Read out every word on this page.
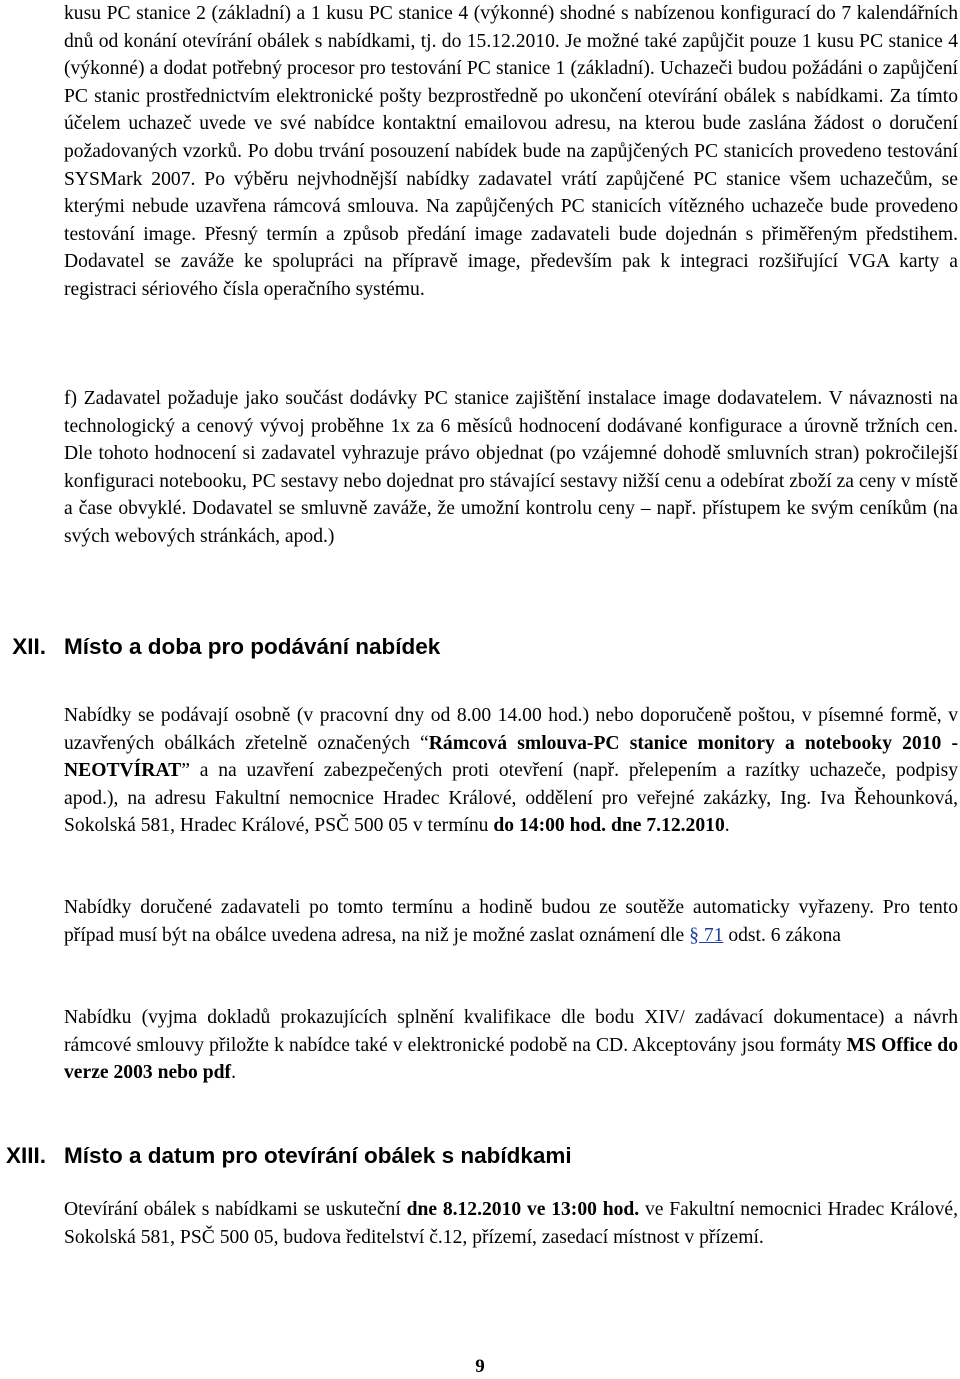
kusu PC stanice 2 (základní) a 1 kusu PC stanice 4 (výkonné) shodné s nabízenou konfigurací do 7 kalendářních dnů od konání otevírání obálek s nabídkami, tj. do 15.12.2010. Je možné také zapůjčit pouze 1 kusu PC stanice 4 (výkonné) a dodat potřebný procesor pro testování PC stanice 1 (základní). Uchazeči budou požádáni o zapůjčení PC stanic prostřednictvím elektronické pošty bezprostředně po ukončení otevírání obálek s nabídkami. Za tímto účelem uchazeč uvede ve své nabídce kontaktní emailovou adresu, na kterou bude zaslána žádost o doručení požadovaných vzorků. Po dobu trvání posouzení nabídek bude na zapůjčených PC stanicích provedeno testování SYSMark 2007. Po výběru nejvhodnější nabídky zadavatel vrátí zapůjčené PC stanice všem uchazečům, se kterými nebude uzavřena rámcová smlouva. Na zapůjčených PC stanicích vítězného uchazeče bude provedeno testování image. Přesný termín a způsob předání image zadavateli bude dojednán s přiměřeným předstihem. Dodavatel se zaváže ke spolupráci na přípravě image, především pak k integraci rozšiřující VGA karty a registraci sériového čísla operačního systému.

f) Zadavatel požaduje jako součást dodávky PC stanice zajištění instalace image dodavatelem. V návaznosti na technologický a cenový vývoj proběhne 1x za 6 měsíců hodnocení dodávané konfigurace a úrovně tržních cen. Dle tohoto hodnocení si zadavatel vyhrazuje právo objednat (po vzájemné dohodě smluvních stran) pokročilejší konfiguraci notebooku, PC sestavy nebo dojednat pro stávající sestavy nižší cenu a odebírat zboží za ceny v místě a čase obvyklé. Dodavatel se smluvně zaváže, že umožní kontrolu ceny – např. přístupem ke svým ceníkům (na svých webových stránkách, apod.)

XII. Místo a doba pro podávání nabídek

Nabídky se podávají osobně (v pracovní dny od 8.00 14.00 hod.) nebo doporučeně poštou, v písemné formě, v uzavřených obálkách zřetelně označených “Rámcová smlouva-PC stanice monitory a notebooky 2010 -NEOTVÍRAT” a na uzavření zabezpečených proti otevření (např. přelepením a razítky uchazeče, podpisy apod.), na adresu Fakultní nemocnice Hradec Králové, oddělení pro veřejné zakázky, Ing. Iva Řehounková, Sokolská 581, Hradec Králové, PSČ 500 05 v termínu do 14:00 hod. dne 7.12.2010.

Nabídky doručené zadavateli po tomto termínu a hodině budou ze soutěže automaticky vyřazeny. Pro tento případ musí být na obálce uvedena adresa, na niž je možné zaslat oznámení dle § 71 odst. 6 zákona

Nabídku (vyjma dokladů prokazujících splnění kvalifikace dle bodu XIV/ zadávací dokumentace) a návrh rámcové smlouvy přiložte k nabídce také v elektronické podobě na CD. Akceptovány jsou formáty MS Office do verze 2003 nebo pdf.

XIII. Místo a datum pro otevírání obálek s nabídkami

Otevírání obálek s nabídkami se uskuteční dne 8.12.2010 ve 13:00 hod. ve Fakultní nemocnici Hradec Králové, Sokolská 581, PSČ 500 05, budova ředitelství č.12, přízemí, zasedací místnost v přízemí.

9
